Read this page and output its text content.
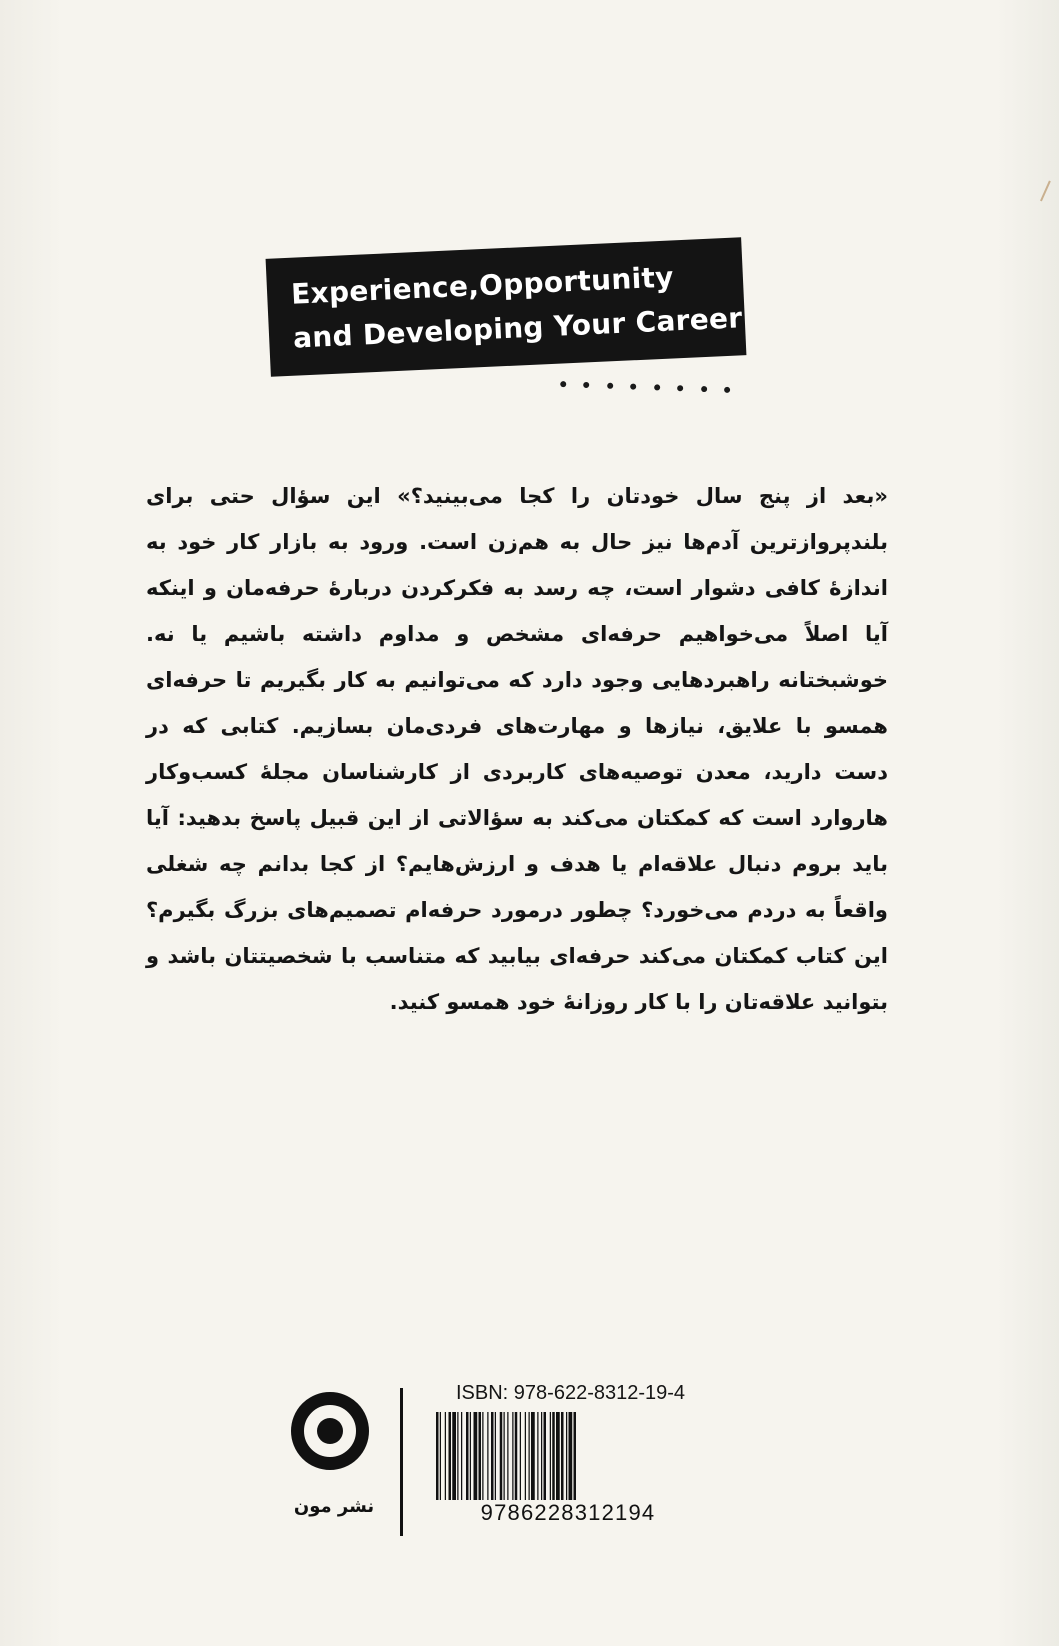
Experience,Opportunity
and Developing Your Career

«بعد از پنج سال خودتان را کجا می‌بینید؟» این سؤال حتی برای بلندپروازترین آدم‌ها نیز حال به هم‌زن است. ورود به بازار کار خود به اندازهٔ کافی دشوار است، چه رسد به فکرکردن دربارهٔ حرفه‌مان و اینکه آیا اصلاً می‌خواهیم حرفه‌ای مشخص و مداوم داشته باشیم یا نه. خوشبختانه راهبردهایی وجود دارد که می‌توانیم به کار بگیریم تا حرفه‌ای همسو با علایق، نیازها و مهارت‌های فردی‌مان بسازیم. کتابی که در دست دارید، معدن توصیه‌های کاربردی از کارشناسان مجلهٔ کسب‌وکار هاروارد است که کمکتان می‌کند به سؤالاتی از این قبیل پاسخ بدهید: آیا باید بروم دنبال علاقه‌ام یا هدف و ارزش‌هایم؟ از کجا بدانم چه شغلی واقعاً به دردم می‌خورد؟ چطور درمورد حرفه‌ام تصمیم‌های بزرگ بگیرم؟ این کتاب کمکتان می‌کند حرفه‌ای بیابید که متناسب با شخصیتتان باشد و بتوانید علاقه‌تان را با کار روزانهٔ خود همسو کنید.

نشر مون
ISBN: 978-622-8312-19-4
9786228312194
